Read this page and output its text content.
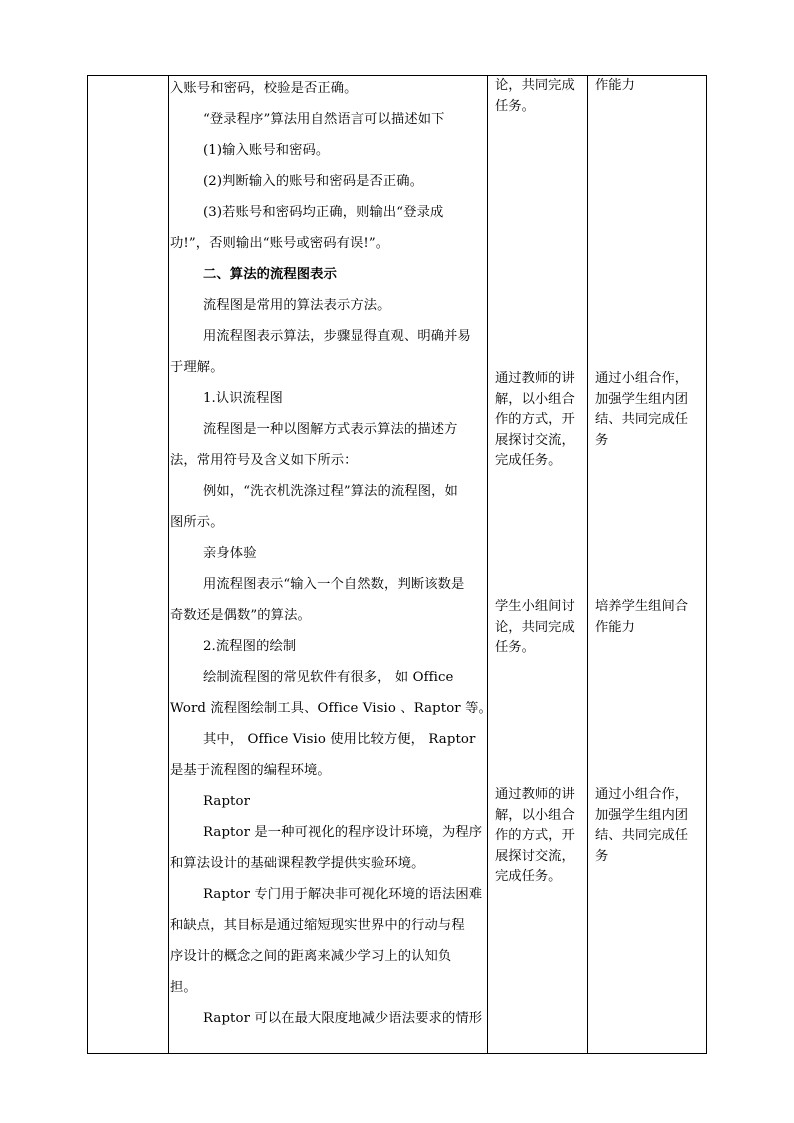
入账号和密码，校验是否正确。
“登录程序”算法用自然语言可以描述如下
(1)输入账号和密码。
(2)判断输入的账号和密码是否正确。
(3)若账号和密码均正确，则输出“登录成
功!”，否则输出“账号或密码有误!”。
二、算法的流程图表示
流程图是常用的算法表示方法。
用流程图表示算法，步骤显得直观、明确并易
于理解。
1.认识流程图
流程图是一种以图解方式表示算法的描述方
法，常用符号及含义如下所示：
例如，“洗衣机洗涤过程”算法的流程图，如
图所示。
亲身体验
用流程图表示“输入一个自然数，判断该数是
奇数还是偶数”的算法。
2.流程图的绘制
绘制流程图的常见软件有很多， 如 Office
Word 流程图绘制工具、Office Visio 、Raptor 等。
其中， Office Visio 使用比较方便， Raptor
是基于流程图的编程环境。
Raptor
Raptor 是一种可视化的程序设计环境，为程序
和算法设计的基础课程教学提供实验环境。
Raptor 专门用于解决非可视化环境的语法困难
和缺点，其目标是通过缩短现实世界中的行动与程
序设计的概念之间的距离来减少学习上的认知负
担。
Raptor 可以在最大限度地减少语法要求的情形
论，共同完成
任务。
通过教师的讲
解，以小组合
作的方式，开
展探讨交流，
完成任务。
学生小组间讨
论，共同完成
任务。
通过教师的讲
解，以小组合
作的方式，开
展探讨交流，
完成任务。
作能力
通过小组合作，
加强学生组内团
结、共同完成任
务
培养学生组间合
作能力
通过小组合作，
加强学生组内团
结、共同完成任
务
